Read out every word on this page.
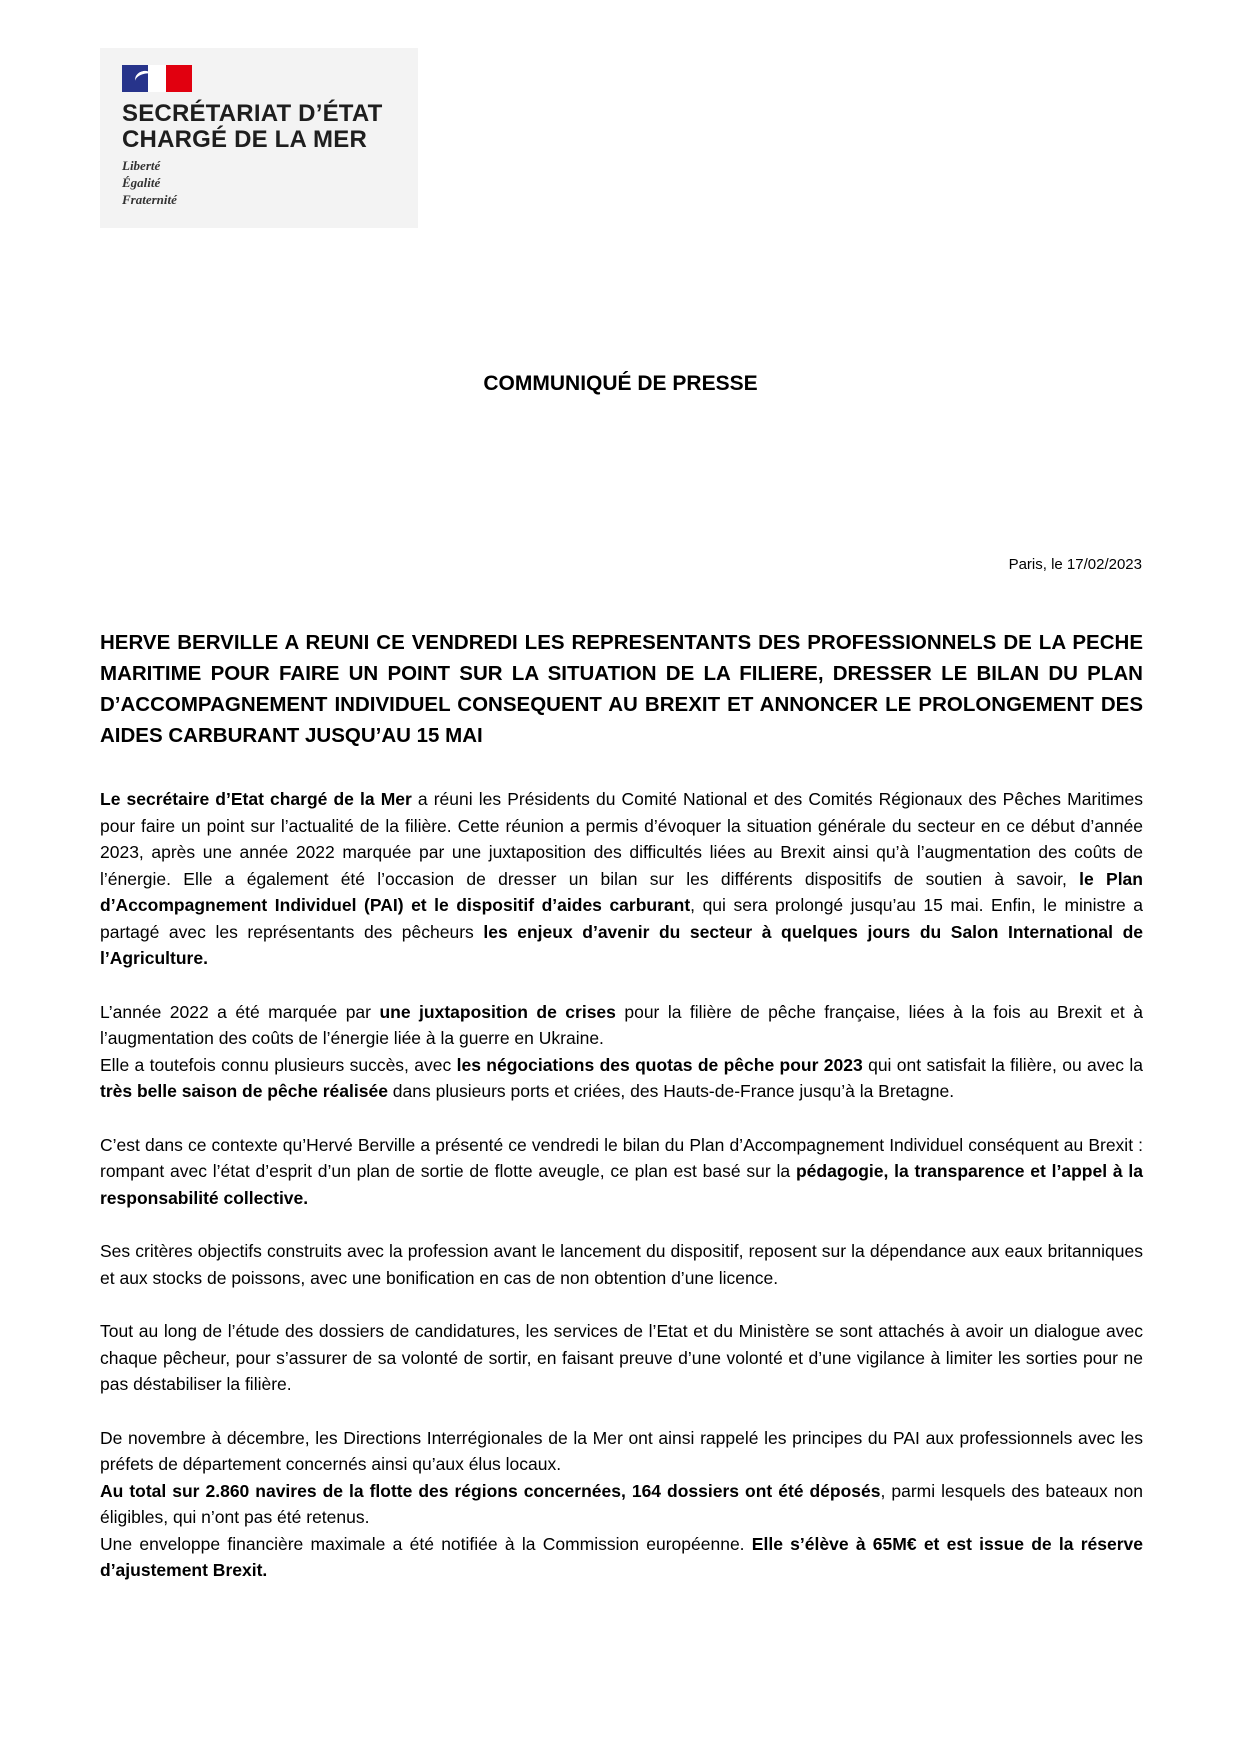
SECRÉTARIAT D’ÉTAT
CHARGÉ DE LA MER
Liberté
Égalité
Fraternité
COMMUNIQUÉ DE PRESSE
Paris, le 17/02/2023
HERVE BERVILLE A REUNI CE VENDREDI LES REPRESENTANTS DES PROFESSIONNELS DE LA PECHE MARITIME POUR FAIRE UN POINT SUR LA SITUATION DE LA FILIERE, DRESSER LE BILAN DU PLAN D’ACCOMPAGNEMENT INDIVIDUEL CONSEQUENT AU BREXIT ET ANNONCER LE PROLONGEMENT DES AIDES CARBURANT JUSQU’AU 15 MAI

Le secrétaire d’Etat chargé de la Mer a réuni les Présidents du Comité National et des Comités Régionaux des Pêches Maritimes pour faire un point sur l’actualité de la filière. Cette réunion a permis d’évoquer la situation générale du secteur en ce début d’année 2023, après une année 2022 marquée par une juxtaposition des difficultés liées au Brexit ainsi qu’à l’augmentation des coûts de l’énergie. Elle a également été l’occasion de dresser un bilan sur les différents dispositifs de soutien à savoir, le Plan d’Accompagnement Individuel (PAI) et le dispositif d’aides carburant, qui sera prolongé jusqu’au 15 mai. Enfin, le ministre a partagé avec les représentants des pêcheurs les enjeux d’avenir du secteur à quelques jours du Salon International de l’Agriculture.

L’année 2022 a été marquée par une juxtaposition de crises pour la filière de pêche française, liées à la fois au Brexit et à l’augmentation des coûts de l’énergie liée à la guerre en Ukraine.

Elle a toutefois connu plusieurs succès, avec les négociations des quotas de pêche pour 2023 qui ont satisfait la filière, ou avec la très belle saison de pêche réalisée dans plusieurs ports et criées, des Hauts-de-France jusqu’à la Bretagne.

C’est dans ce contexte qu’Hervé Berville a présenté ce vendredi le bilan du Plan d’Accompagnement Individuel conséquent au Brexit : rompant avec l’état d’esprit d’un plan de sortie de flotte aveugle, ce plan est basé sur la pédagogie, la transparence et l’appel à la responsabilité collective.

Ses critères objectifs construits avec la profession avant le lancement du dispositif, reposent sur la dépendance aux eaux britanniques et aux stocks de poissons, avec une bonification en cas de non obtention d’une licence.

Tout au long de l’étude des dossiers de candidatures, les services de l’Etat et du Ministère se sont attachés à avoir un dialogue avec chaque pêcheur, pour s’assurer de sa volonté de sortir, en faisant preuve d’une volonté et d’une vigilance à limiter les sorties pour ne pas déstabiliser la filière.

De novembre à décembre, les Directions Interrégionales de la Mer ont ainsi rappelé les principes du PAI aux professionnels avec les préfets de département concernés ainsi qu’aux élus locaux.

Au total sur 2.860 navires de la flotte des régions concernées, 164 dossiers ont été déposés, parmi lesquels des bateaux non éligibles, qui n’ont pas été retenus.

Une enveloppe financière maximale a été notifiée à la Commission européenne. Elle s’élève à 65M€ et est issue de la réserve d’ajustement Brexit.
